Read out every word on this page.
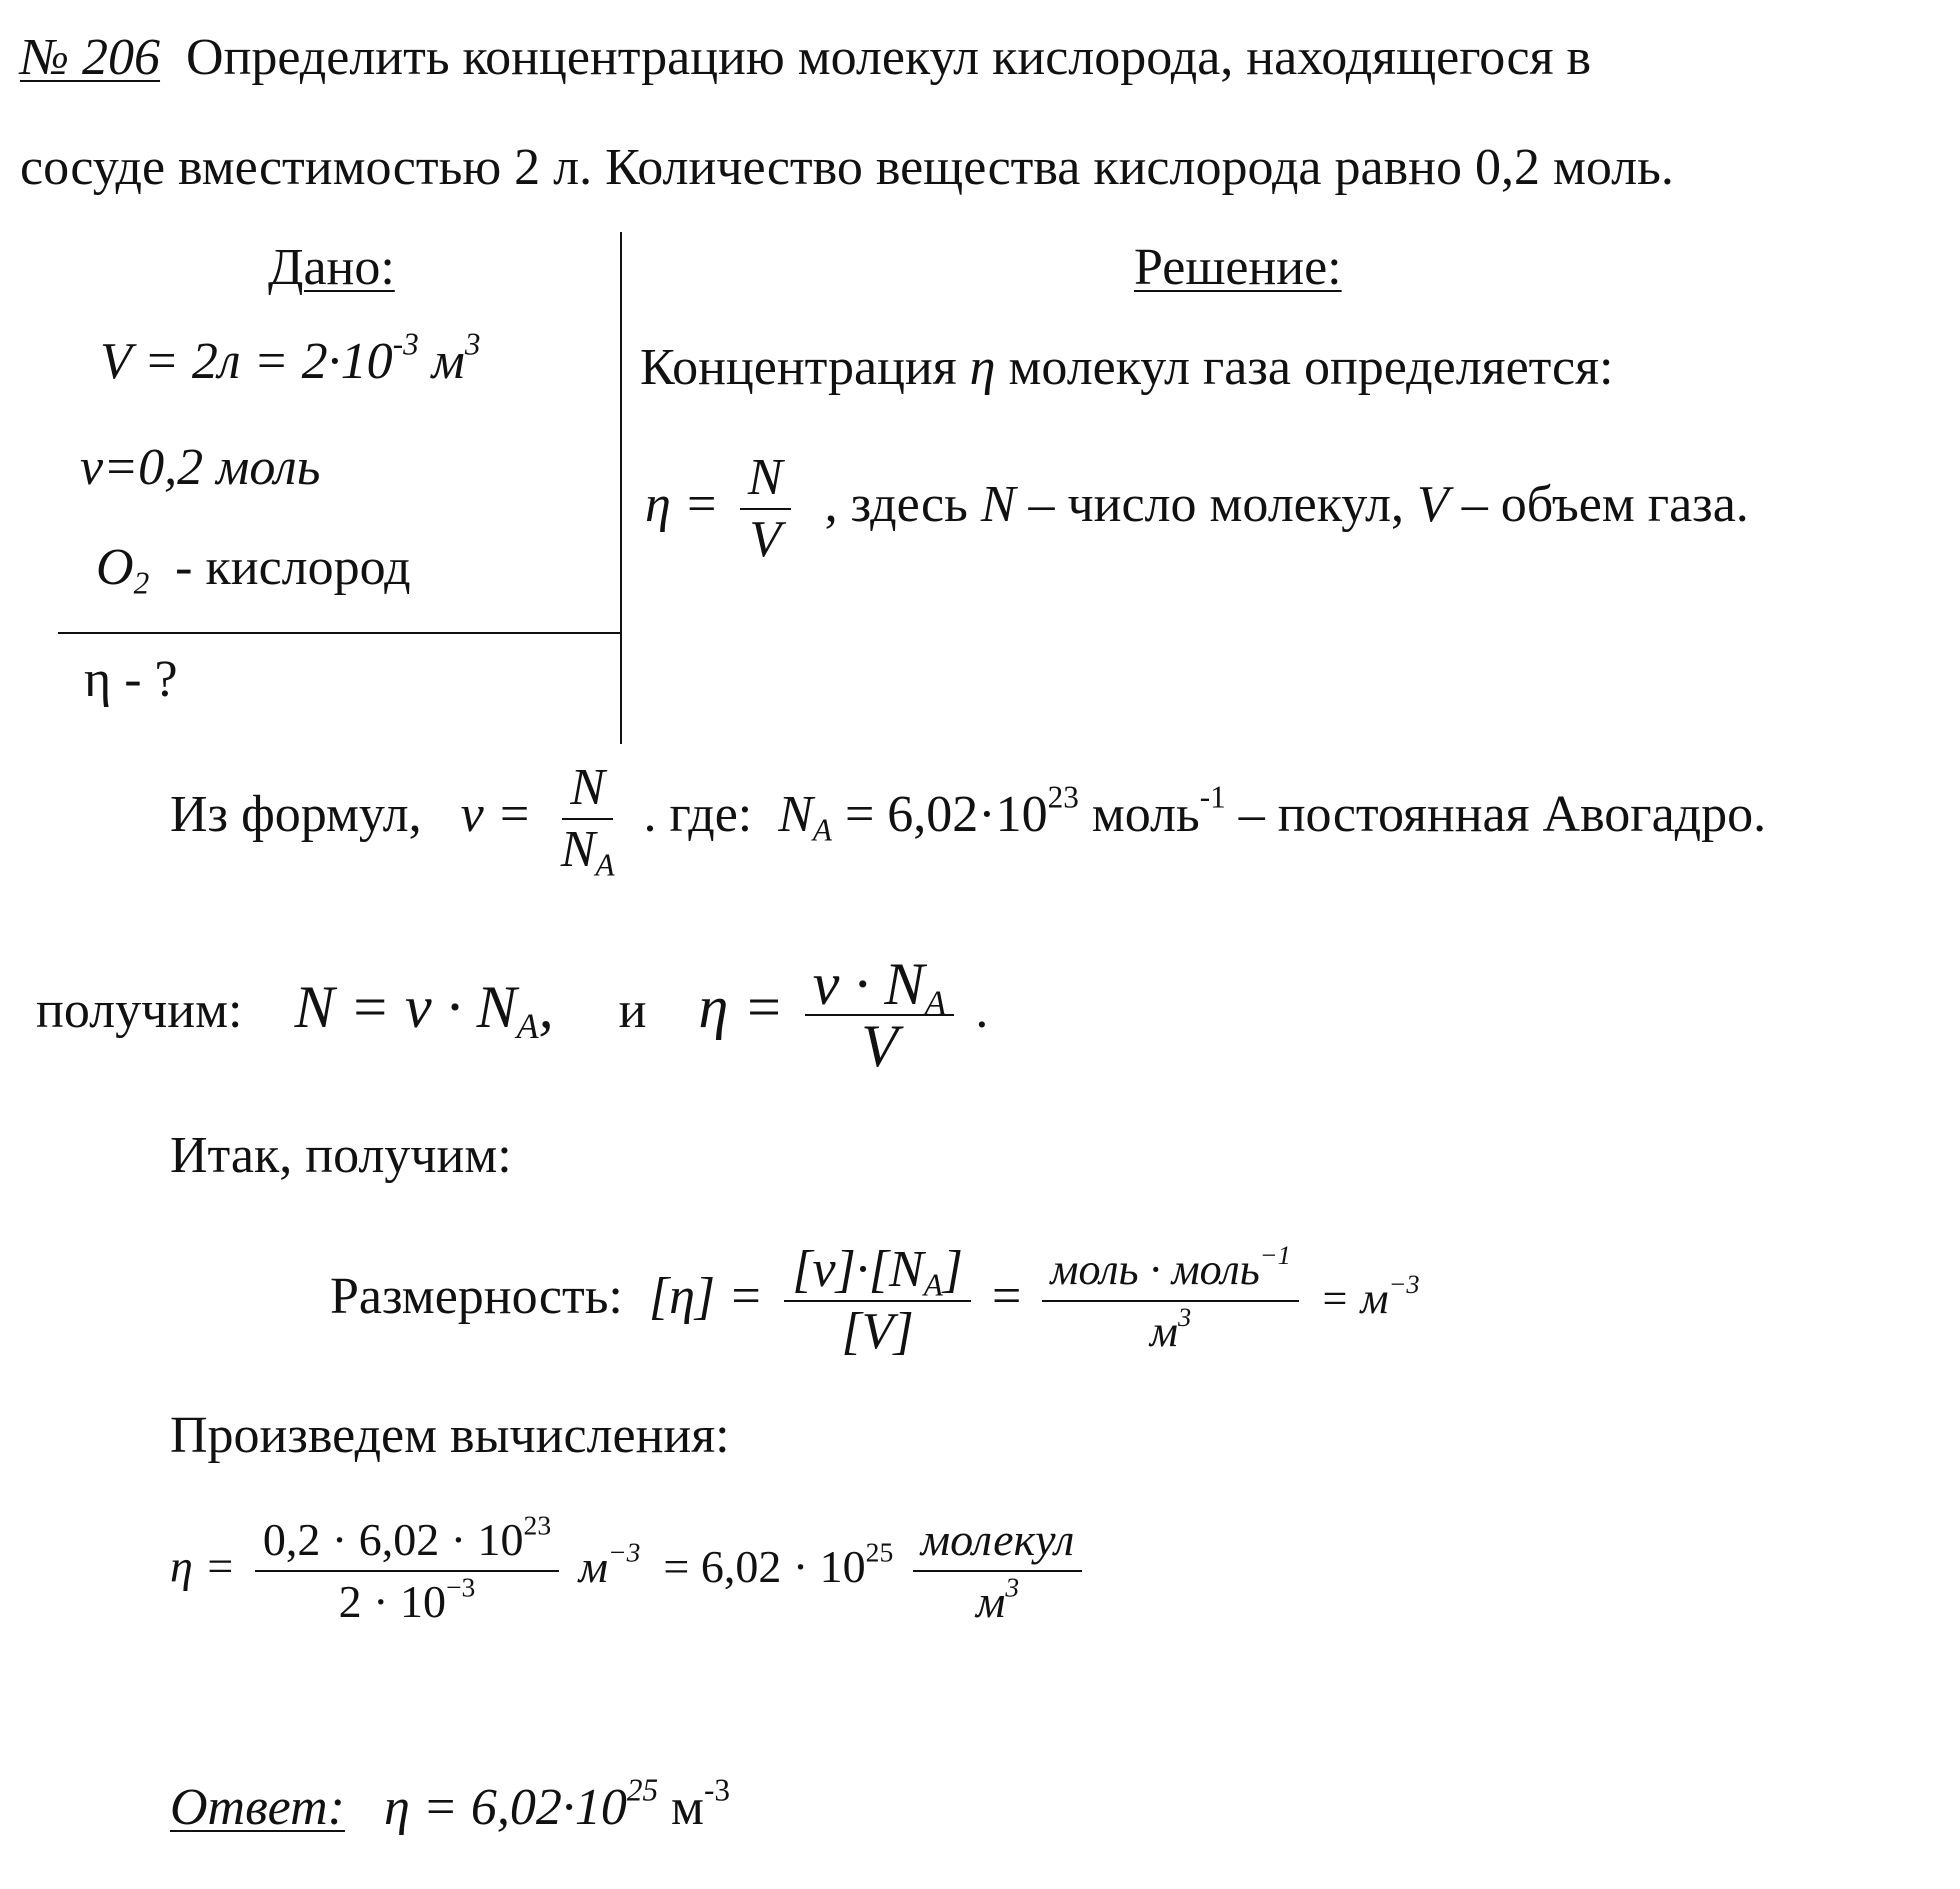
№ 206 Определить концентрацию молекул кислорода, находящегося в
сосуде вместимостью 2 л. Количество вещества кислорода равно 0,2 моль.
Дано:
$V = 2л = 2\cdot 10^{-3}$ $м^3$
ν=0,2 моль
$O_2$ - кислород
η - ?
Решение:
Концентрация η молекул газа определяется:
$\eta = \frac{N}{V}$ , здесь N – число молекул, V – объем газа.
Из формул, $\nu = \frac{N}{N_A}$ . где: $N_A = 6,02\cdot 10^{23}$ моль$^{-1}$ – постоянная Авогадро.
получим: $N = \nu \cdot N_A$, и $\eta = \frac{\nu \cdot N_A}{V}$ .
Итак, получим:
Размерность: $[\eta] = \frac{[\nu]\cdot[N_A]}{[V]} = \frac{моль \cdot моль^{-1}}{м^3} = м^{-3}$
Произведем вычисления:
$\eta = \frac{0,2 \cdot 6,02 \cdot 10^{23}}{2 \cdot 10^{-3}} м^{-3} = 6,02 \cdot 10^{25} \frac{\text{молекул}}{м^3}$
Ответ: $\eta = 6,02\cdot 10^{25}$ $м^{-3}$
